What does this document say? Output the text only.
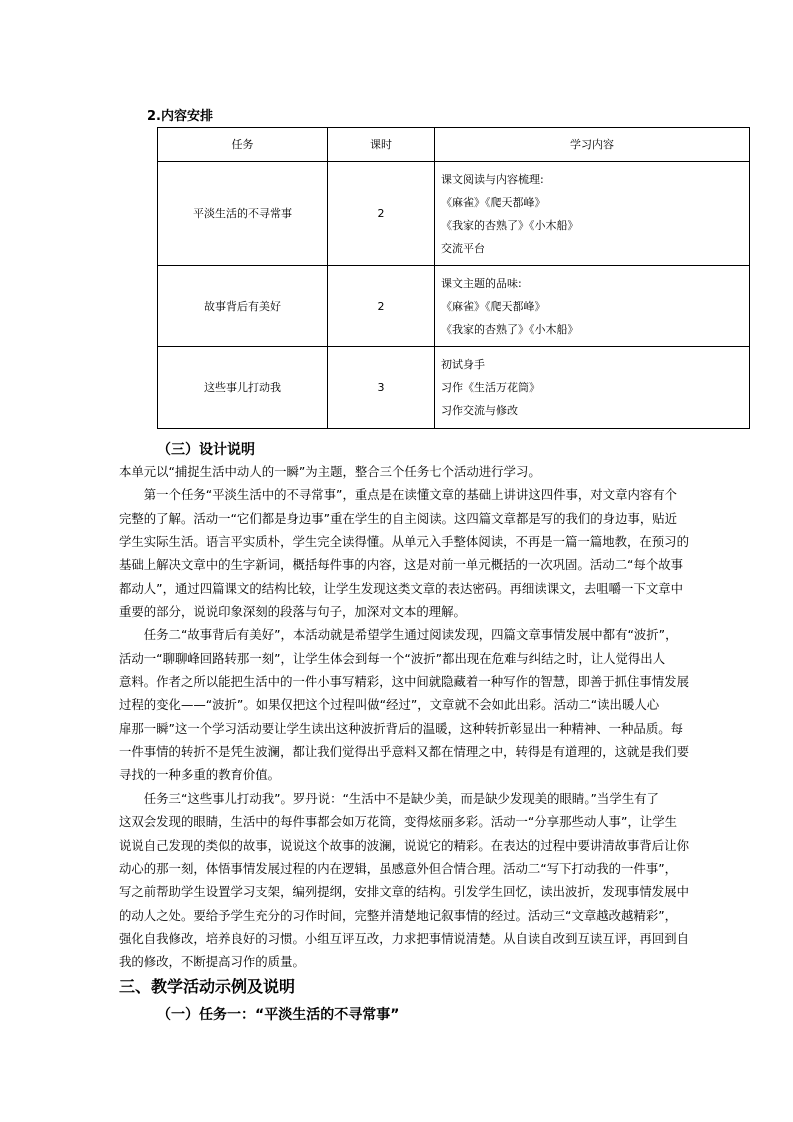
2.内容安排
任务	课时	学习内容
平淡生活的不寻常事	2	课文阅读与内容梳理:
《麻雀》《爬天都峰》
《我家的杏熟了》《小木船》
交流平台

故事背后有美好	2	课文主题的品味:
《麻雀》《爬天都峰》
《我家的杏熟了》《小木船》

这些事儿打动我	3	初试身手
习作《生活万花筒》
习作交流与修改
（三）设计说明
本单元以“捕捉生活中动人的一瞬”为主题，整合三个任务七个活动进行学习。
　　第一个任务“平淡生活中的不寻常事”，重点是在读懂文章的基础上讲讲这四件事，对文章内容有个
完整的了解。活动一“它们都是身边事”重在学生的自主阅读。这四篇文章都是写的我们的身边事，贴近
学生实际生活。语言平实质朴，学生完全读得懂。从单元入手整体阅读，不再是一篇一篇地教，在预习的
基础上解决文章中的生字新词，概括每件事的内容，这是对前一单元概括的一次巩固。活动二“每个故事
都动人”，通过四篇课文的结构比较，让学生发现这类文章的表达密码。再细读课文，去咀嚼一下文章中
重要的部分，说说印象深刻的段落与句子，加深对文本的理解。
　　任务二“故事背后有美好”，本活动就是希望学生通过阅读发现，四篇文章事情发展中都有“波折”，
活动一“聊聊峰回路转那一刻”，让学生体会到每一个“波折”都出现在危难与纠结之时，让人觉得出人
意料。作者之所以能把生活中的一件小事写精彩，这中间就隐藏着一种写作的智慧，即善于抓住事情发展
过程的变化——“波折”。如果仅把这个过程叫做“经过”，文章就不会如此出彩。活动二“读出暖人心
扉那一瞬”这一个学习活动要让学生读出这种波折背后的温暖，这种转折彰显出一种精神、一种品质。每
一件事情的转折不是凭生波澜，都让我们觉得出乎意料又都在情理之中，转得是有道理的，这就是我们要
寻找的一种多重的教育价值。
　　任务三“这些事儿打动我”。罗丹说：“生活中不是缺少美，而是缺少发现美的眼睛。”当学生有了
这双会发现的眼睛，生活中的每件事都会如万花筒，变得炫丽多彩。活动一“分享那些动人事”，让学生
说说自己发现的类似的故事，说说这个故事的波澜，说说它的精彩。在表达的过程中要讲清故事背后让你
动心的那一刻，体悟事情发展过程的内在逻辑，虽感意外但合情合理。活动二“写下打动我的一件事”，
写之前帮助学生设置学习支架，编列提纲，安排文章的结构。引发学生回忆，读出波折，发现事情发展中
的动人之处。要给予学生充分的习作时间，完整并清楚地记叙事情的经过。活动三“文章越改越精彩”，
强化自我修改，培养良好的习惯。小组互评互改，力求把事情说清楚。从自读自改到互读互评，再回到自
我的修改，不断提高习作的质量。
三、教学活动示例及说明
（一）任务一：“平淡生活的不寻常事”
